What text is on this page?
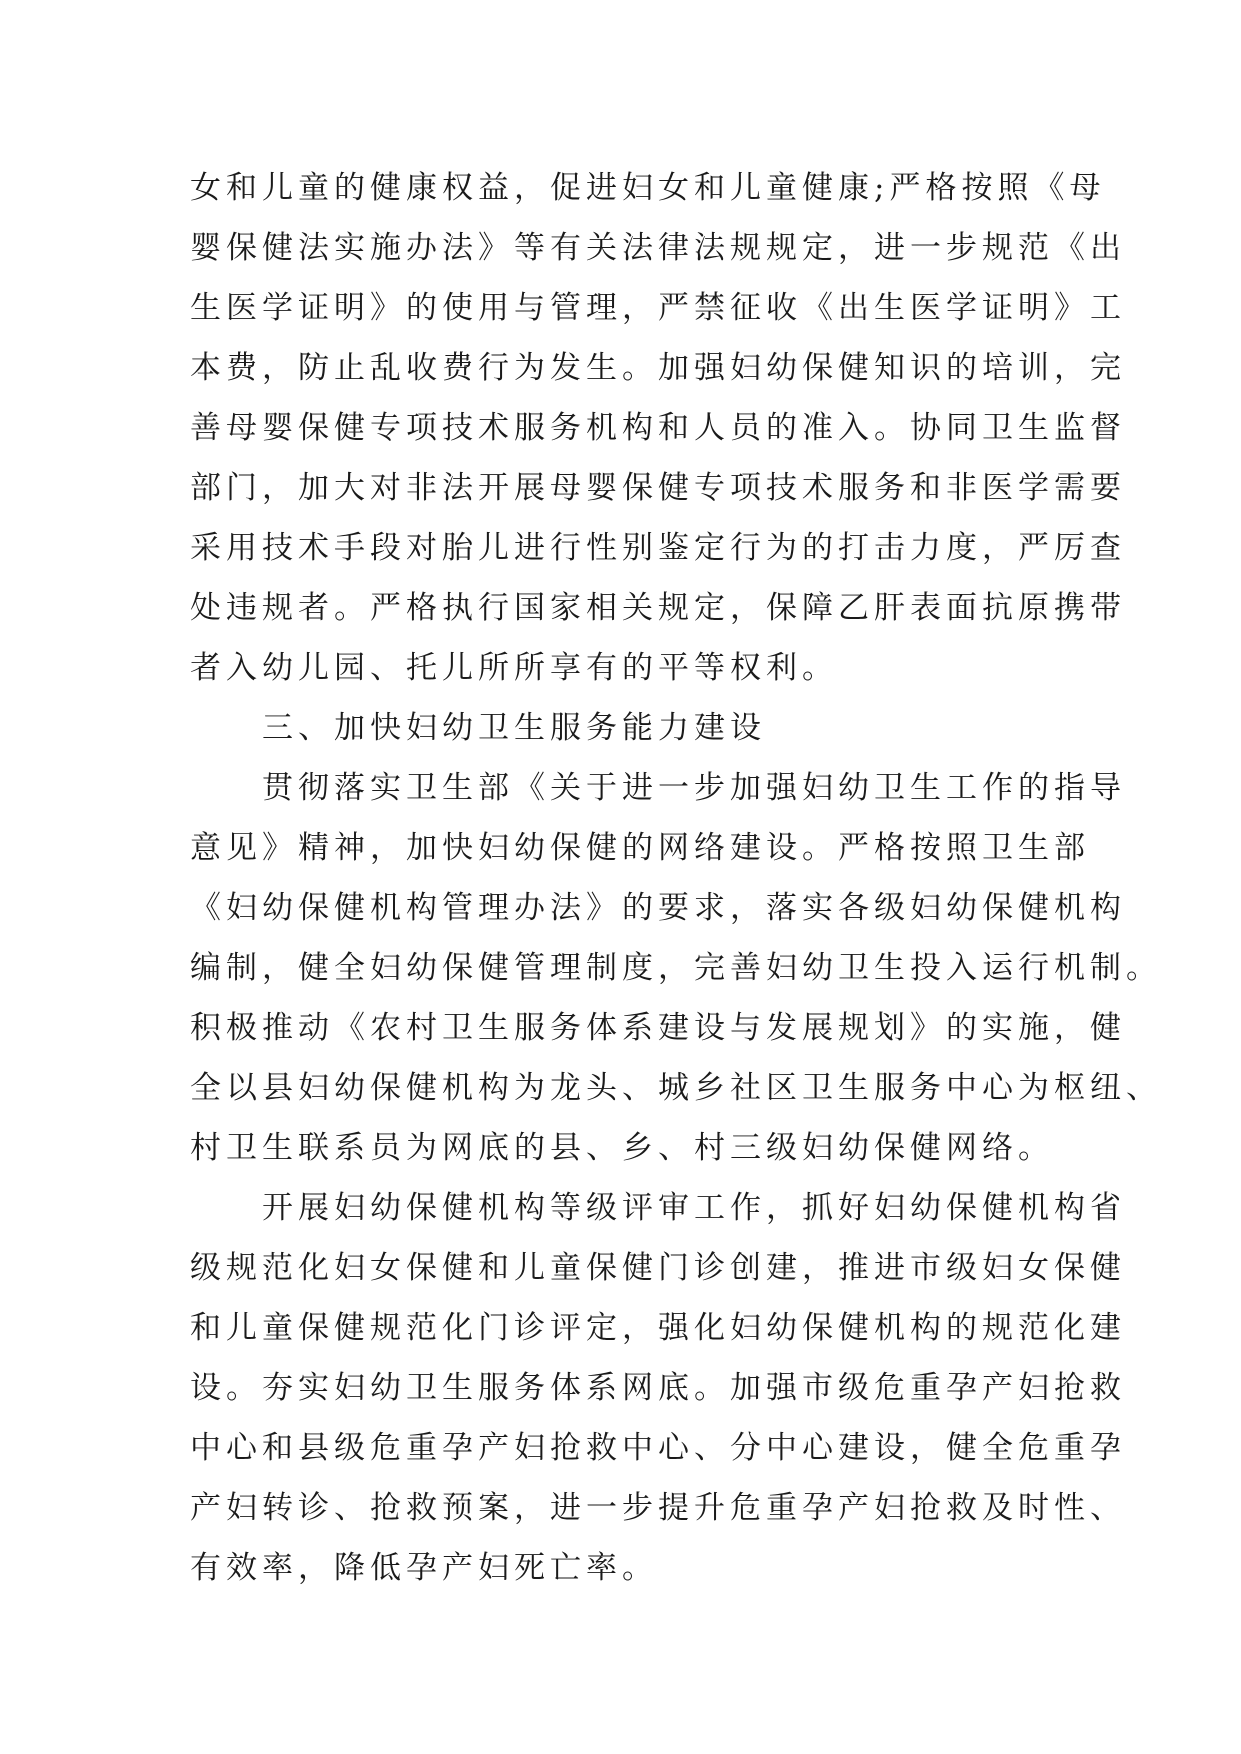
女和儿童的健康权益，促进妇女和儿童健康;严格按照《母
婴保健法实施办法》等有关法律法规规定，进一步规范《出
生医学证明》的使用与管理，严禁征收《出生医学证明》工
本费，防止乱收费行为发生。加强妇幼保健知识的培训，完
善母婴保健专项技术服务机构和人员的准入。协同卫生监督
部门，加大对非法开展母婴保健专项技术服务和非医学需要
采用技术手段对胎儿进行性别鉴定行为的打击力度，严厉查
处违规者。严格执行国家相关规定，保障乙肝表面抗原携带
者入幼儿园、托儿所所享有的平等权利。
　　三、加快妇幼卫生服务能力建设
　　贯彻落实卫生部《关于进一步加强妇幼卫生工作的指导
意见》精神，加快妇幼保健的网络建设。严格按照卫生部
《妇幼保健机构管理办法》的要求，落实各级妇幼保健机构
编制，健全妇幼保健管理制度，完善妇幼卫生投入运行机制。
积极推动《农村卫生服务体系建设与发展规划》的实施，健
全以县妇幼保健机构为龙头、城乡社区卫生服务中心为枢纽、
村卫生联系员为网底的县、乡、村三级妇幼保健网络。
　　开展妇幼保健机构等级评审工作，抓好妇幼保健机构省
级规范化妇女保健和儿童保健门诊创建，推进市级妇女保健
和儿童保健规范化门诊评定，强化妇幼保健机构的规范化建
设。夯实妇幼卫生服务体系网底。加强市级危重孕产妇抢救
中心和县级危重孕产妇抢救中心、分中心建设，健全危重孕
产妇转诊、抢救预案，进一步提升危重孕产妇抢救及时性、
有效率，降低孕产妇死亡率。
